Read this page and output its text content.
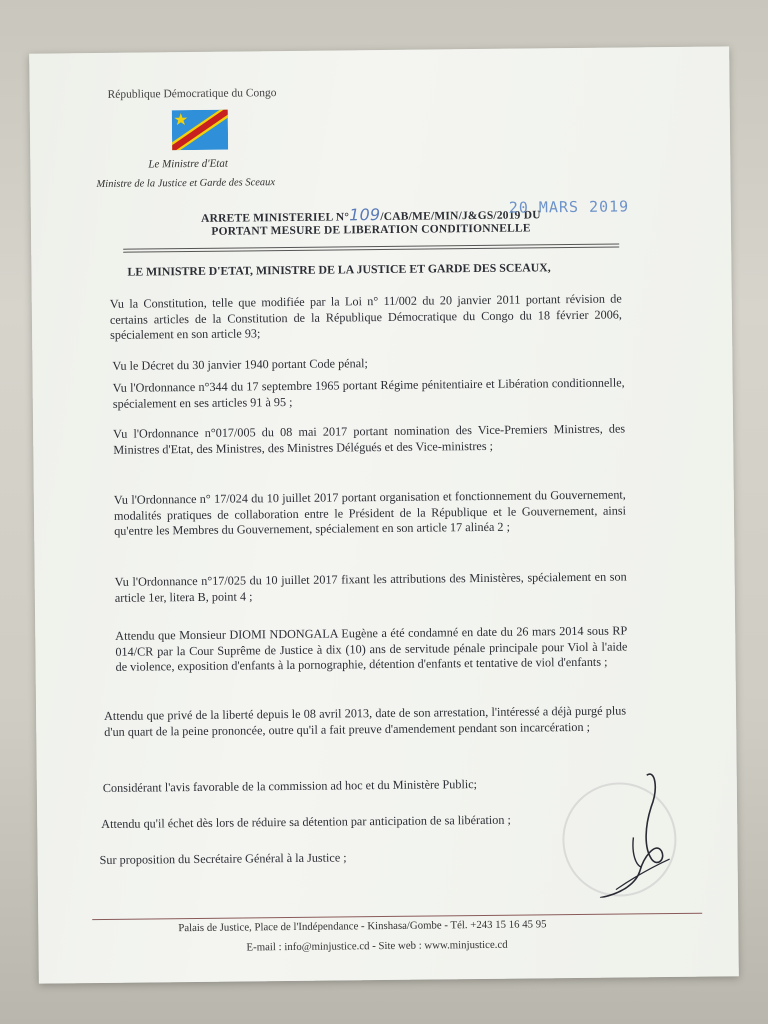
République Démocratique du Congo
Le Ministre d'Etat
Ministre de la Justice et Garde des Sceaux
ARRETE MINISTERIEL N°109/CAB/ME/MIN/J&GS/2019 DU
PORTANT MESURE DE LIBERATION CONDITIONNELLE
20 MARS 2019
LE MINISTRE D'ETAT, MINISTRE DE LA JUSTICE ET GARDE DES SCEAUX,
Vu la Constitution, telle que modifiée par la Loi n° 11/002 du 20 janvier 2011 portant révision de certains articles de la Constitution de la République Démocratique du Congo du 18 février 2006, spécialement en son article 93;
Vu le Décret du 30 janvier 1940 portant Code pénal;
Vu l'Ordonnance n°344 du 17 septembre 1965 portant Régime pénitentiaire et Libération conditionnelle, spécialement en ses articles 91 à 95 ;
Vu l'Ordonnance n°017/005 du 08 mai 2017 portant nomination des Vice-Premiers Ministres, des Ministres d'Etat, des Ministres, des Ministres Délégués et des Vice-ministres ;
Vu l'Ordonnance n° 17/024 du 10 juillet 2017 portant organisation et fonctionnement du Gouvernement, modalités pratiques de collaboration entre le Président de la République et le Gouvernement, ainsi qu'entre les Membres du Gouvernement, spécialement en son article 17 alinéa 2 ;
Vu l'Ordonnance n°17/025 du 10 juillet 2017 fixant les attributions des Ministères, spécialement en son article 1er, litera B, point 4 ;
Attendu que Monsieur DIOMI NDONGALA Eugène a été condamné en date du 26 mars 2014 sous RP 014/CR par la Cour Suprême de Justice à dix (10) ans de servitude pénale principale pour Viol à l'aide de violence, exposition d'enfants à la pornographie, détention d'enfants et tentative de viol d'enfants ;
Attendu que privé de la liberté depuis le 08 avril 2013, date de son arrestation, l'intéressé a déjà purgé plus d'un quart de la peine prononcée, outre qu'il a fait preuve d'amendement pendant son incarcération ;
Considérant l'avis favorable de la commission ad hoc et du Ministère Public;
Attendu qu'il échet dès lors de réduire sa détention par anticipation de sa libération ;
Sur proposition du Secrétaire Général à la Justice ;
Palais de Justice, Place de l'Indépendance - Kinshasa/Gombe - Tél. +243 15 16 45 95
E-mail : info@minjustice.cd - Site web : www.minjustice.cd
